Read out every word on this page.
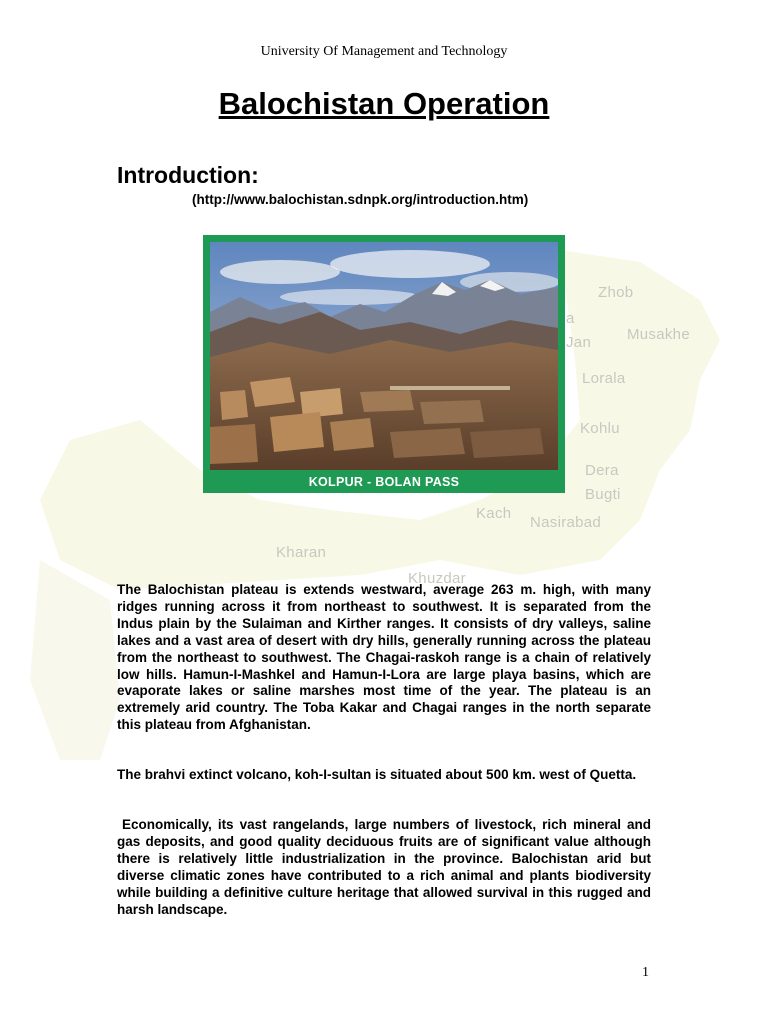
Zhob
Musakhe
Lorala
Kohlu
Dera
Bugti
Kach
Nasirabad
Kharan
Khuzdar
a
Jan
University Of Management and Technology
Balochistan Operation
Introduction:
(http://www.balochistan.sdnpk.org/introduction.htm)
KOLPUR - BOLAN PASS

The Balochistan plateau is extends westward, average 263 m. high, with many ridges running across it from northeast to southwest. It is separated from the Indus plain by the Sulaiman and Kirther ranges. It consists of dry valleys, saline lakes and a vast area of desert with dry hills, generally running across the plateau from the northeast to southwest. The Chagai-raskoh range is a chain of relatively low hills. Hamun-I-Mashkel and Hamun-I-Lora are large playa basins, which are evaporate lakes or saline marshes most time of the year. The plateau is an extremely arid country. The Toba Kakar and Chagai ranges in the north separate this plateau from Afghanistan.

The brahvi extinct volcano, koh-I-sultan is situated about 500 km. west of Quetta.

Economically, its vast rangelands, large numbers of livestock, rich mineral and gas deposits, and good quality deciduous fruits are of significant value although there is relatively little industrialization in the province. Balochistan arid but diverse climatic zones have contributed to a rich animal and plants biodiversity while building a definitive culture heritage that allowed survival in this rugged and harsh landscape.

1
